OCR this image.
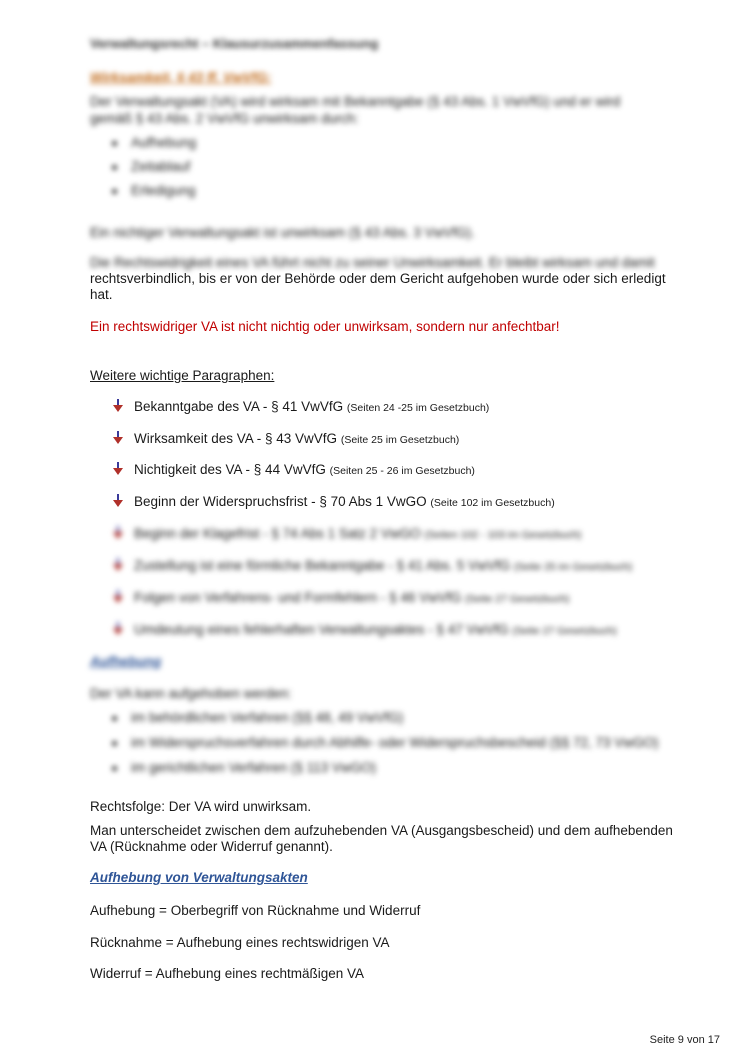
Verwaltungsrecht – Klausurzusammenfassung
Wirksamkeit, § 43 ff. VwVfG:
Der Verwaltungsakt (VA) wird wirksam mit Bekanntgabe (§ 43 Abs. 1 VwVfG) und er wird
gemäß § 43 Abs. 2 VwVfG unwirksam durch:
Aufhebung
Zeitablauf
Erledigung
Ein nichtiger Verwaltungsakt ist unwirksam (§ 43 Abs. 3 VwVfG).
Die Rechtswidrigkeit eines VA führt nicht zu seiner Unwirksamkeit. Er bleibt wirksam und damit
rechtsverbindlich, bis er von der Behörde oder dem Gericht aufgehoben wurde oder sich erledigt
hat.
Ein rechtswidriger VA ist nicht nichtig oder unwirksam, sondern nur anfechtbar!
Weitere wichtige Paragraphen:
Bekanntgabe des VA - § 41 VwVfG (Seiten 24 -25 im Gesetzbuch)
Wirksamkeit des VA - § 43 VwVfG (Seite 25 im Gesetzbuch)
Nichtigkeit des VA - § 44 VwVfG (Seiten 25 - 26 im Gesetzbuch)
Beginn der Widerspruchsfrist - § 70 Abs 1 VwGO (Seite 102 im Gesetzbuch)
Beginn der Klagefrist - § 74 Abs 1 Satz 2 VwGO (Seiten 102 - 103 im Gesetzbuch)
Zustellung ist eine förmliche Bekanntgabe - § 41 Abs. 5 VwVfG (Seite 25 im Gesetzbuch)
Folgen von Verfahrens- und Formfehlern - § 46 VwVfG (Seite 27 Gesetzbuch)
Umdeutung eines fehlerhaften Verwaltungsaktes - § 47 VwVfG (Seite 27 Gesetzbuch)
Aufhebung
Der VA kann aufgehoben werden:
im behördlichen Verfahren (§§ 48, 49 VwVfG)
im Widerspruchsverfahren durch Abhilfe- oder Widerspruchsbescheid (§§ 72, 73 VwGO)
im gerichtlichen Verfahren (§ 113 VwGO)
Rechtsfolge: Der VA wird unwirksam.
Man unterscheidet zwischen dem aufzuhebenden VA (Ausgangsbescheid) und dem aufhebenden
VA (Rücknahme oder Widerruf genannt).
Aufhebung von Verwaltungsakten
Aufhebung = Oberbegriff von Rücknahme und Widerruf
Rücknahme = Aufhebung eines rechtswidrigen VA
Widerruf = Aufhebung eines rechtmäßigen VA
Seite 9 von 17
